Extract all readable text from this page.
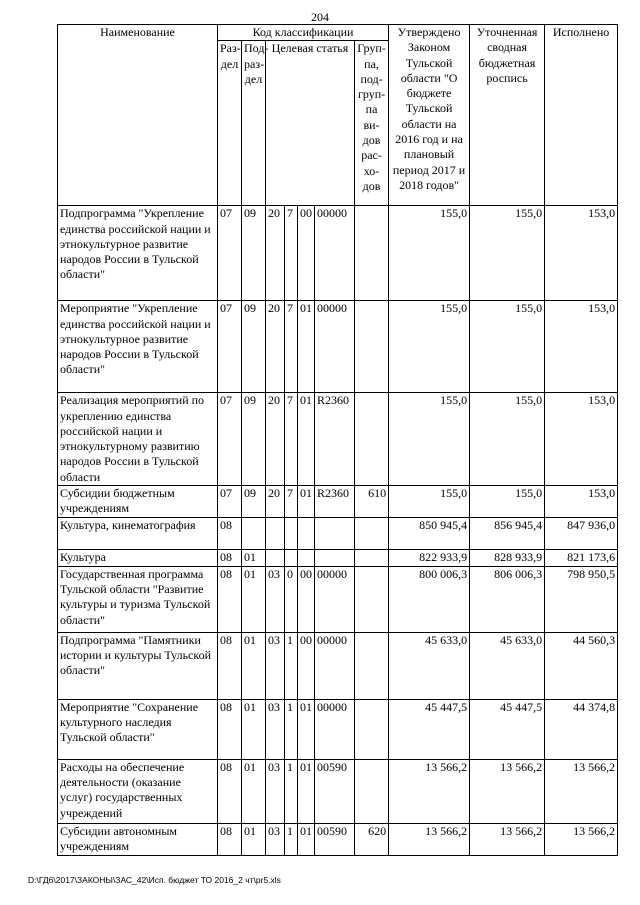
204
Наименование	Код классификации							Утверждено Законом Тульской области "О бюджете Тульской области на 2016 год и на плановый период 2017 и 2018 годов"	Уточненная сводная бюджетная роспись	Исполнено
	Раз-дел	Под-раз-дел	Целевая статья				Груп-па, под-груп-па ви-дов рас-хо-дов			
Подпрограмма "Укрепление единства российской нации и этнокультурное развитие народов России в Тульской области"	07	09	20	7	00	00000		155,0	155,0	153,0
Мероприятие "Укрепление единства российской нации и этнокультурное развитие народов России в Тульской области"	07	09	20	7	01	00000		155,0	155,0	153,0
Реализация мероприятий по укреплению единства российской нации и этнокультурному развитию народов России в Тульской области	07	09	20	7	01	R2360		155,0	155,0	153,0
Субсидии бюджетным учреждениям	07	09	20	7	01	R2360	610	155,0	155,0	153,0
Культура, кинематография	08							850 945,4	856 945,4	847 936,0
Культура	08	01						822 933,9	828 933,9	821 173,6
Государственная программа Тульской области "Развитие культуры и туризма Тульской области"	08	01	03	0	00	00000		800 006,3	806 006,3	798 950,5
Подпрограмма "Памятники истории и культуры Тульской области"	08	01	03	1	00	00000		45 633,0	45 633,0	44 560,3
Мероприятие "Сохранение культурного наследия Тульской области"	08	01	03	1	01	00000		45 447,5	45 447,5	44 374,8
Расходы на обеспечение деятельности (оказание услуг) государственных учреждений	08	01	03	1	01	00590		13 566,2	13 566,2	13 566,2
Субсидии автономным учреждениям	08	01	03	1	01	00590	620	13 566,2	13 566,2	13 566,2
D:\ГД6\2017\ЗАКОНЫ\ЗАС_42\Исп. бюджет ТО 2016_2 чт\pr5.xls
